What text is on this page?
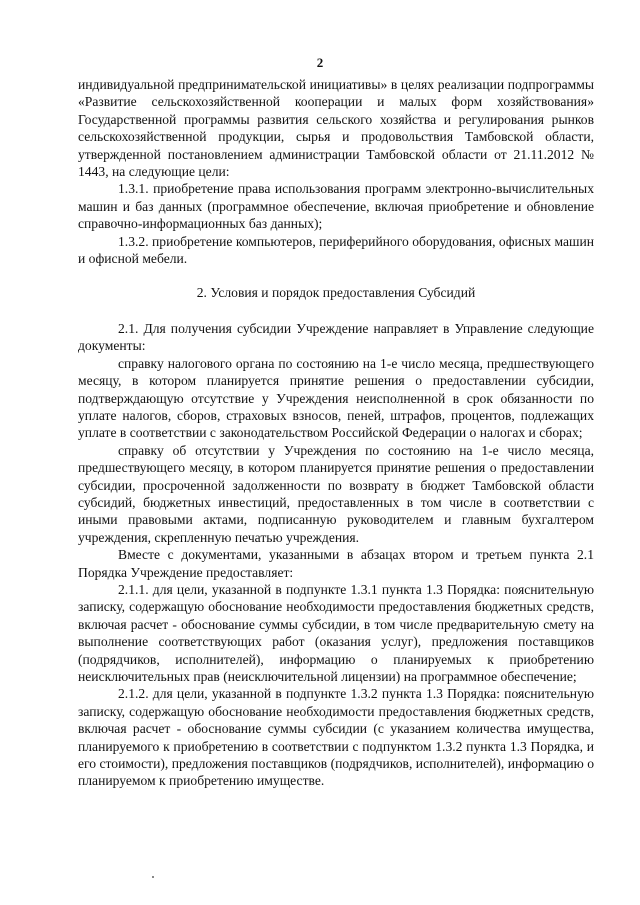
2

индивидуальной предпринимательской инициативы» в целях реализации подпрограммы «Развитие сельскохозяйственной кооперации и малых форм хозяйствования» Государственной программы развития сельского хозяйства и регулирования рынков сельскохозяйственной продукции, сырья и продовольствия Тамбовской области, утвержденной постановлением администрации Тамбовской области от 21.11.2012 № 1443, на следующие цели:

1.3.1. приобретение права использования программ электронно-вычислительных машин и баз данных (программное обеспечение, включая приобретение и обновление справочно-информационных баз данных);

1.3.2. приобретение компьютеров, периферийного оборудования, офисных машин и офисной мебели.

2. Условия и порядок предоставления Субсидий

2.1. Для получения субсидии Учреждение направляет в Управление следующие документы:

справку налогового органа по состоянию на 1-е число месяца, предшествующего месяцу, в котором планируется принятие решения о предоставлении субсидии, подтверждающую отсутствие у Учреждения неисполненной в срок обязанности по уплате налогов, сборов, страховых взносов, пеней, штрафов, процентов, подлежащих уплате в соответствии с законодательством Российской Федерации о налогах и сборах;

справку об отсутствии у Учреждения по состоянию на 1-е число месяца, предшествующего месяцу, в котором планируется принятие решения о предоставлении субсидии, просроченной задолженности по возврату в бюджет Тамбовской области субсидий, бюджетных инвестиций, предоставленных в том числе в соответствии с иными правовыми актами, подписанную руководителем и главным бухгалтером учреждения, скрепленную печатью учреждения.

Вместе с документами, указанными в абзацах втором и третьем пункта 2.1 Порядка Учреждение предоставляет:

2.1.1. для цели, указанной в подпункте 1.3.1 пункта 1.3 Порядка: пояснительную записку, содержащую обоснование необходимости предоставления бюджетных средств, включая расчет - обоснование суммы субсидии, в том числе предварительную смету на выполнение соответствующих работ (оказания услуг), предложения поставщиков (подрядчиков, исполнителей), информацию о планируемых к приобретению неисключительных прав (неисключительной лицензии) на программное обеспечение;

2.1.2. для цели, указанной в подпункте 1.3.2 пункта 1.3 Порядка: пояснительную записку, содержащую обоснование необходимости предоставления бюджетных средств, включая расчет - обоснование суммы субсидии (с указанием количества имущества, планируемого к приобретению в соответствии с подпунктом 1.3.2 пункта 1.3 Порядка, и его стоимости), предложения поставщиков (подрядчиков, исполнителей), информацию о планируемом к приобретению имуществе.
